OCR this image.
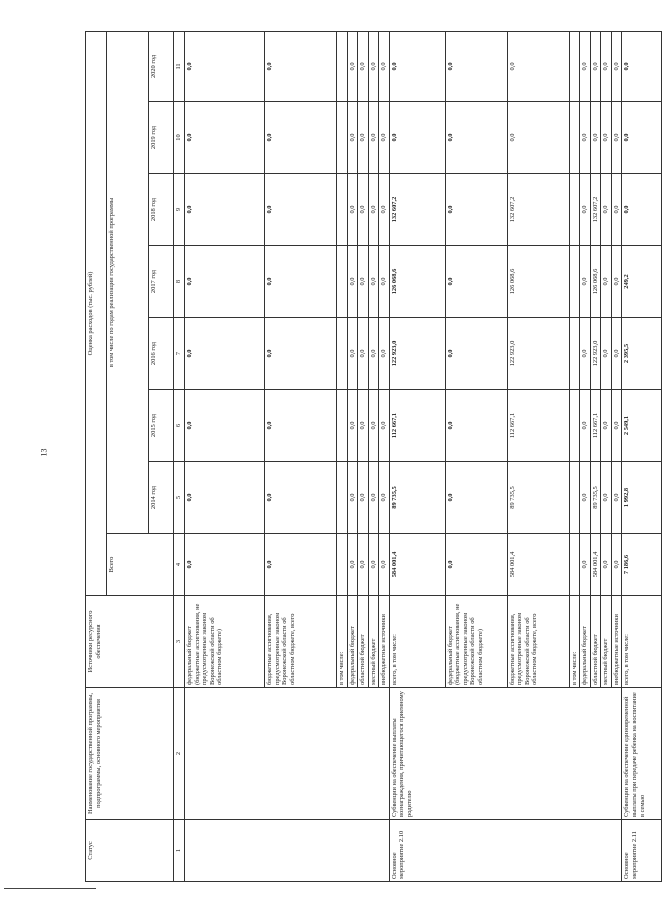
13
Статус	Наименование государственной программы, подпрограммы, основного мероприятия	Источники ресурсного обеспечения	Оценка расходов (тыс. рублей)							
			Всего	в том числе по годам реализации государственной программы						
				2014 год	2015 год	2016 год	2017 год	2018 год	2019 год	2020 год
1	2	3	4	5	6	7	8	9	10	11
		федеральный бюджет (бюджетные ассигнования, не предусмотренные законом Воронежской области об областном бюджете)	0,0	0,0	0,0	0,0	0,0	0,0	0,0	0,0
		бюджетные ассигнования, предусмотренные законом Воронежской области об областном бюджете, всего	0,0	0,0	0,0	0,0	0,0	0,0	0,0	0,0
		в том числе:								
		федеральный бюджет	0,0	0,0	0,0	0,0	0,0	0,0	0,0	0,0
		областной бюджет	0,0	0,0	0,0	0,0	0,0	0,0	0,0	0,0
		местный бюджет	0,0	0,0	0,0	0,0	0,0	0,0	0,0	0,0
		внебюджетные источники	0,0	0,0	0,0	0,0	0,0	0,0	0,0	0,0
Основное мероприятие 2.10	Субвенции на обеспечение выплаты вознаграждения, причитающегося приемному родителю	всего, в том числе:	584 001,4	89 735,5	112 667,1	122 923,0	126 068,6	132 607,2	0,0	0,0
		федеральный бюджет (бюджетные ассигнования, не предусмотренные законом Воронежской области об областном бюджете)	0,0	0,0	0,0	0,0	0,0	0,0	0,0	0,0
		бюджетные ассигнования, предусмотренные законом Воронежской области об областном бюджете, всего	584 001,4	89 735,5	112 667,1	122 923,0	126 068,6	132 607,2	0,0	0,0
		в том числе:								
		федеральный бюджет	0,0	0,0	0,0	0,0	0,0	0,0	0,0	0,0
		областной бюджет	584 001,4	89 735,5	112 667,1	122 923,0	126 068,6	132 607,2	0,0	0,0
		местный бюджет	0,0	0,0	0,0	0,0	0,0	0,0	0,0	0,0
		внебюджетные источники	0,0	0,0	0,0	0,0	0,0	0,0	0,0	0,0
Основное мероприятие 2.11	Субвенции на обеспечение единовременной выплаты при передаче ребенка на воспитание в семью	всего, в том числе:	7 186,6	1 992,8	2 549,1	2 395,5	249,2	0,0	0,0	0,0
